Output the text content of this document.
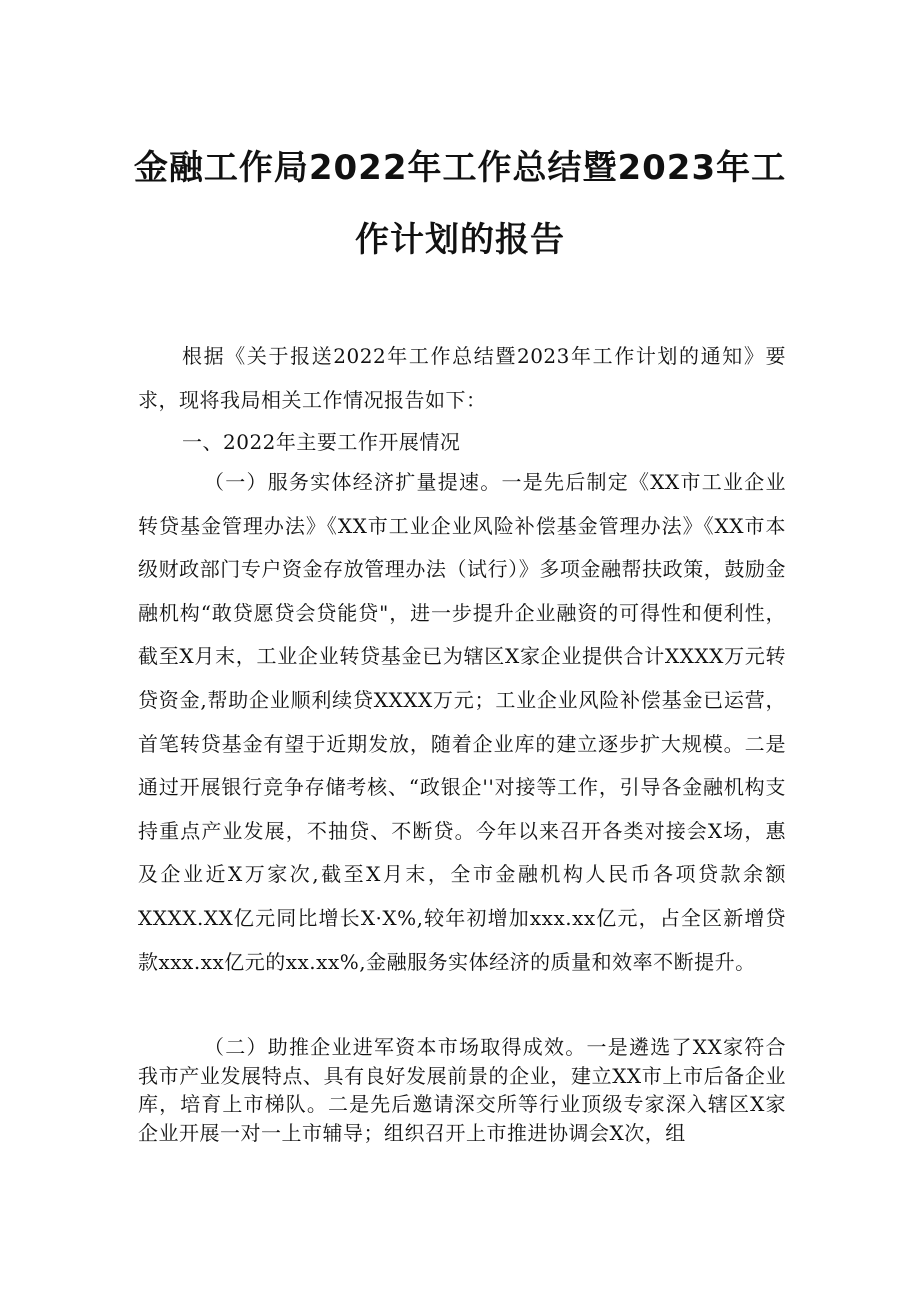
金融工作局2022年工作总结暨2023年工
作计划的报告
根据《关于报送2022年工作总结暨2023年工作计划的通知》要求，现将我局相关工作情况报告如下：
一、2022年主要工作开展情况
（一）服务实体经济扩量提速。一是先后制定《XX市工业企业转贷基金管理办法》《XX市工业企业风险补偿基金管理办法》《XX市本级财政部门专户资金存放管理办法（试行）》多项金融帮扶政策，鼓励金融机构“敢贷愿贷会贷能贷"，进一步提升企业融资的可得性和便利性，截至X月末，工业企业转贷基金已为辖区X家企业提供合计XXXX万元转贷资金,帮助企业顺利续贷XXXX万元；工业企业风险补偿基金已运营，首笔转贷基金有望于近期发放，随着企业库的建立逐步扩大规模。二是通过开展银行竞争存储考核、“政银企''对接等工作，引导各金融机构支持重点产业发展，不抽贷、不断贷。今年以来召开各类对接会X场，惠及企业近X万家次,截至X月末，全市金融机构人民币各项贷款余额XXXX.XX亿元同比增长X·X%,较年初增加xxx.xx亿元，占全区新增贷款xxx.xx亿元的xx.xx%,金融服务实体经济的质量和效率不断提升。
（二）助推企业进军资本市场取得成效。一是遴选了XX家符合我市产业发展特点、具有良好发展前景的企业，建立XX市上市后备企业库，培育上市梯队。二是先后邀请深交所等行业顶级专家深入辖区X家企业开展一对一上市辅导；组织召开上市推进协调会X次，组
